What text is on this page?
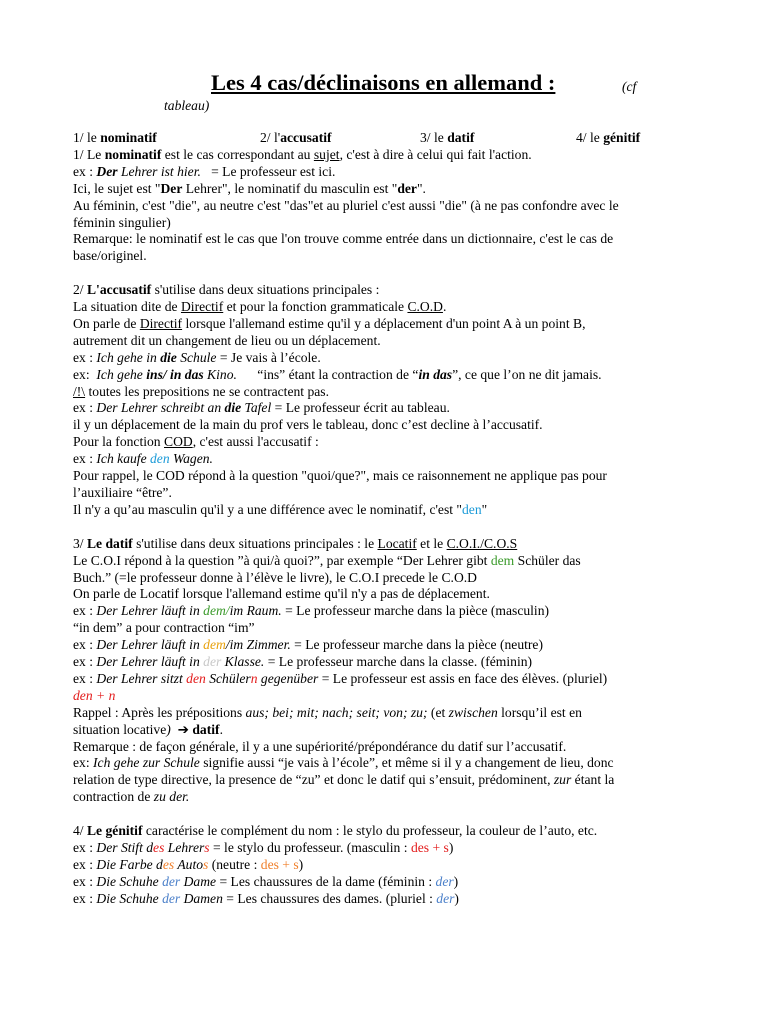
Les 4 cas/déclinaisons en allemand :	(cf
tableau)
1/ le nominatif	2/ l'accusatif	3/ le datif	4/ le génitif
1/ Le nominatif est le cas correspondant au sujet, c'est à dire à celui qui fait l'action.
ex : Der Lehrer ist hier.   = Le professeur est ici.
Ici, le sujet est "Der Lehrer", le nominatif du masculin est "der".
Au féminin, c'est "die", au neutre c'est "das"et au pluriel c'est aussi "die" (à ne pas confondre avec le
féminin singulier)
Remarque: le nominatif est le cas que l'on trouve comme entrée dans un dictionnaire, c'est le cas de
base/originel.
2/ L'accusatif s'utilise dans deux situations principales :
La situation dite de Directif et pour la fonction grammaticale C.O.D.
On parle de Directif lorsque l'allemand estime qu'il y a déplacement d'un point A à un point B,
autrement dit un changement de lieu ou un déplacement.
ex : Ich gehe in die Schule = Je vais à l’école.
ex:  Ich gehe ins/ in das Kino.      “ins” étant la contraction de “in das”, ce que l’on ne dit jamais.
/!\ toutes les prepositions ne se contractent pas.
ex : Der Lehrer schreibt an die Tafel = Le professeur écrit au tableau.
il y un déplacement de la main du prof vers le tableau, donc c’est decline à l’accusatif.
Pour la fonction COD, c'est aussi l'accusatif :
ex : Ich kaufe den Wagen.
Pour rappel, le COD répond à la question "quoi/que?", mais ce raisonnement ne applique pas pour
l’auxiliaire “être”.
Il n'y a qu’au masculin qu'il y a une différence avec le nominatif, c'est "den"
3/ Le datif s'utilise dans deux situations principales : le Locatif et le C.O.I./C.O.S
Le C.O.I répond à la question ”à qui/à quoi?”, par exemple “Der Lehrer gibt dem Schüler das
Buch.” (=le professeur donne à l’élève le livre), le C.O.I precede le C.O.D
On parle de Locatif lorsque l'allemand estime qu'il n'y a pas de déplacement.
ex : Der Lehrer läuft in dem/im Raum. = Le professeur marche dans la pièce (masculin)
“in dem” a pour contraction “im”
ex : Der Lehrer läuft in dem/im Zimmer. = Le professeur marche dans la pièce (neutre)
ex : Der Lehrer läuft in der Klasse. = Le professeur marche dans la classe. (féminin)
ex : Der Lehrer sitzt den Schülern gegenüber = Le professeur est assis en face des élèves. (pluriel)
den + n
Rappel : Après les prépositions aus; bei; mit; nach; seit; von; zu; (et zwischen lorsqu’il est en
situation locative)  ➔ datif.
Remarque : de façon générale, il y a une supériorité/prépondérance du datif sur l’accusatif.
ex: Ich gehe zur Schule signifie aussi “je vais à l’école”, et même si il y a changement de lieu, donc
relation de type directive, la presence de “zu” et donc le datif qui s’ensuit, prédominent, zur étant la
contraction de zu der.
4/ Le génitif caractérise le complément du nom : le stylo du professeur, la couleur de l’auto, etc.
ex : Der Stift des Lehrers = le stylo du professeur. (masculin : des + s)
ex : Die Farbe des Autos (neutre : des + s)
ex : Die Schuhe der Dame = Les chaussures de la dame (féminin : der)
ex : Die Schuhe der Damen = Les chaussures des dames. (pluriel : der)
